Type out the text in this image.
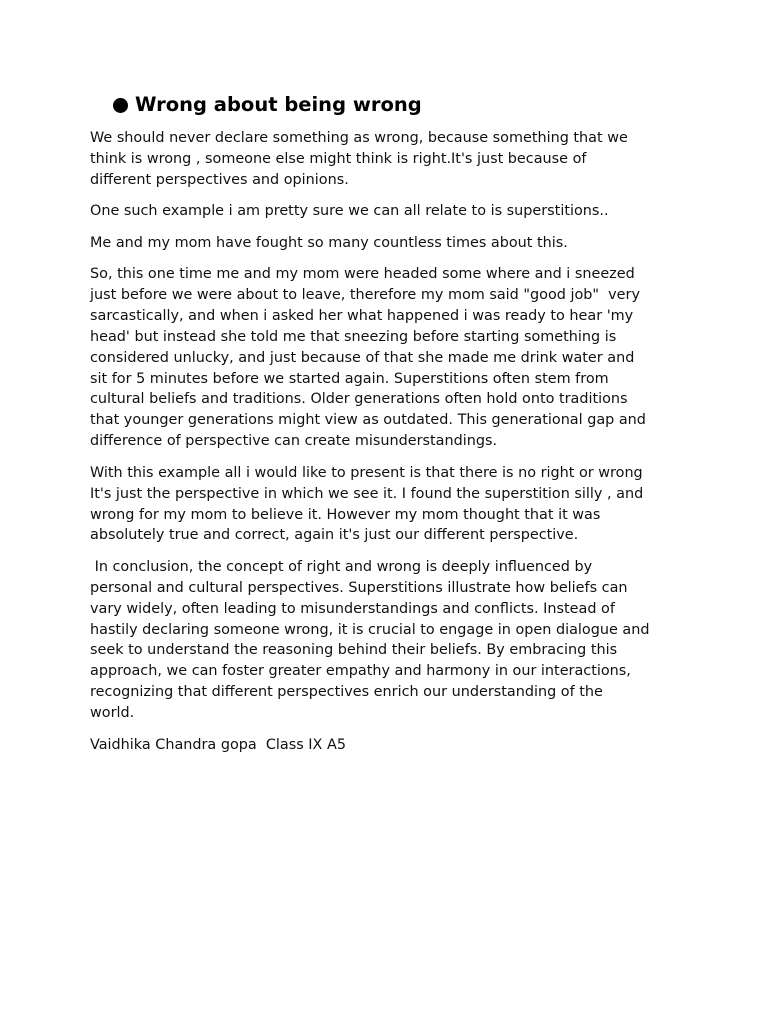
Wrong about being wrong

We should never declare something as wrong, because something that we
think is wrong , someone else might think is right.It's just because of
different perspectives and opinions.

One such example i am pretty sure we can all relate to is superstitions..

Me and my mom have fought so many countless times about this.

So, this one time me and my mom were headed some where and i sneezed
just before we were about to leave, therefore my mom said "good job"  very
sarcastically, and when i asked her what happened i was ready to hear 'my
head' but instead she told me that sneezing before starting something is
considered unlucky, and just because of that she made me drink water and
sit for 5 minutes before we started again. Superstitions often stem from
cultural beliefs and traditions. Older generations often hold onto traditions
that younger generations might view as outdated. This generational gap and
difference of perspective can create misunderstandings.

With this example all i would like to present is that there is no right or wrong
It's just the perspective in which we see it. I found the superstition silly , and
wrong for my mom to believe it. However my mom thought that it was
absolutely true and correct, again it's just our different perspective.

In conclusion, the concept of right and wrong is deeply influenced by
personal and cultural perspectives. Superstitions illustrate how beliefs can
vary widely, often leading to misunderstandings and conflicts. Instead of
hastily declaring someone wrong, it is crucial to engage in open dialogue and
seek to understand the reasoning behind their beliefs. By embracing this
approach, we can foster greater empathy and harmony in our interactions,
recognizing that different perspectives enrich our understanding of the
world.

Vaidhika Chandra gopa  Class IX A5
